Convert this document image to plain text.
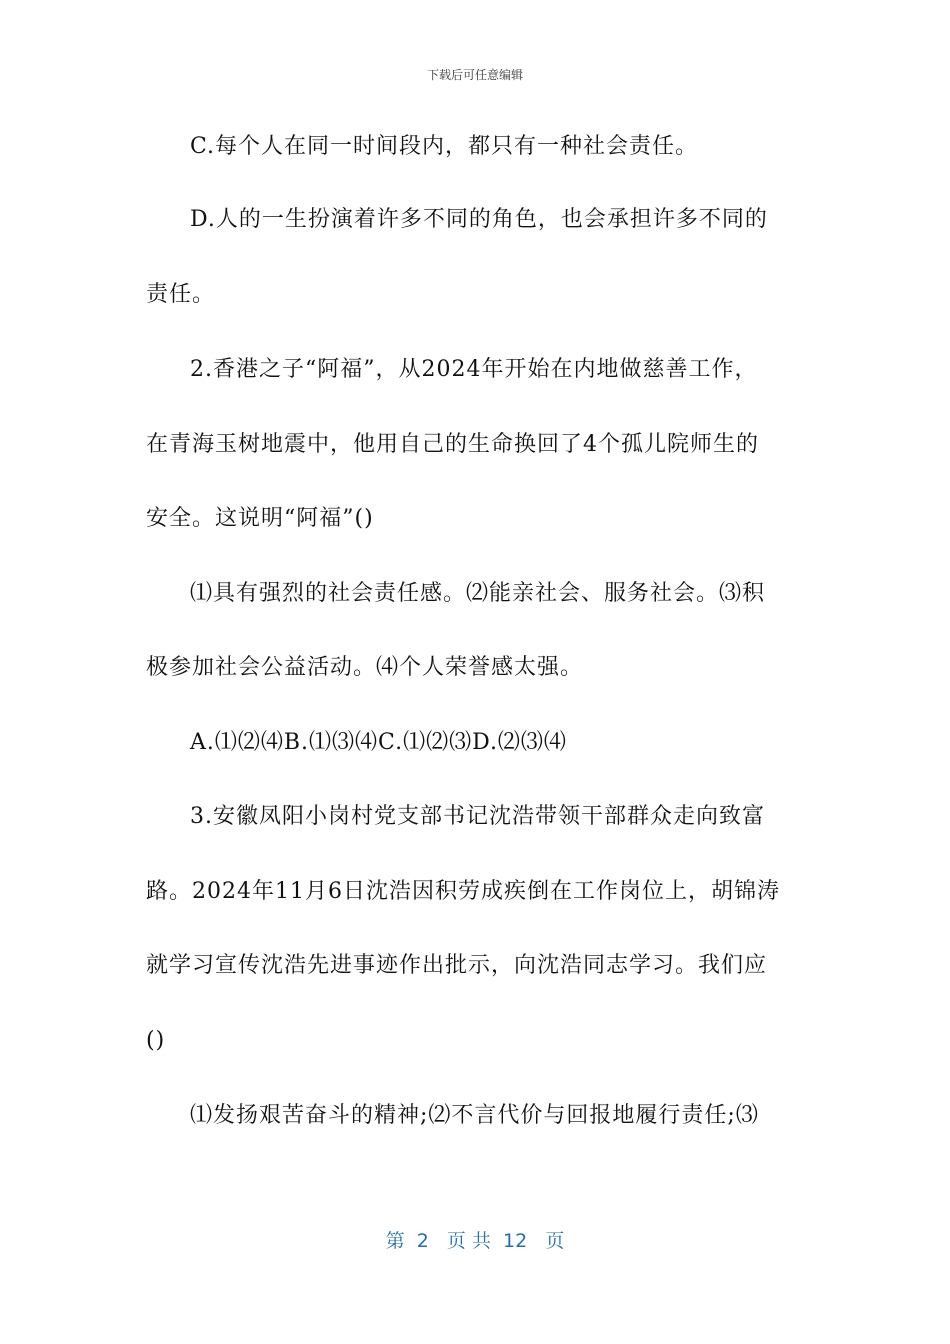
下载后可任意编辑
C.每个人在同一时间段内，都只有一种社会责任。
D.人的一生扮演着许多不同的角色，也会承担许多不同的
责任。
2.香港之子“阿福”，从2024年开始在内地做慈善工作，
在青海玉树地震中，他用自己的生命换回了4个孤儿院师生的
安全。这说明“阿福”()
⑴具有强烈的社会责任感。⑵能亲社会、服务社会。⑶积
极参加社会公益活动。⑷个人荣誉感太强。
A.⑴⑵⑷B.⑴⑶⑷C.⑴⑵⑶D.⑵⑶⑷
3.安徽凤阳小岗村党支部书记沈浩带领干部群众走向致富
路。2024年11月6日沈浩因积劳成疾倒在工作岗位上，胡锦涛
就学习宣传沈浩先进事迹作出批示，向沈浩同志学习。我们应
()
⑴发扬艰苦奋斗的精神;⑵不言代价与回报地履行责任;⑶
第  2   页 共  12   页
